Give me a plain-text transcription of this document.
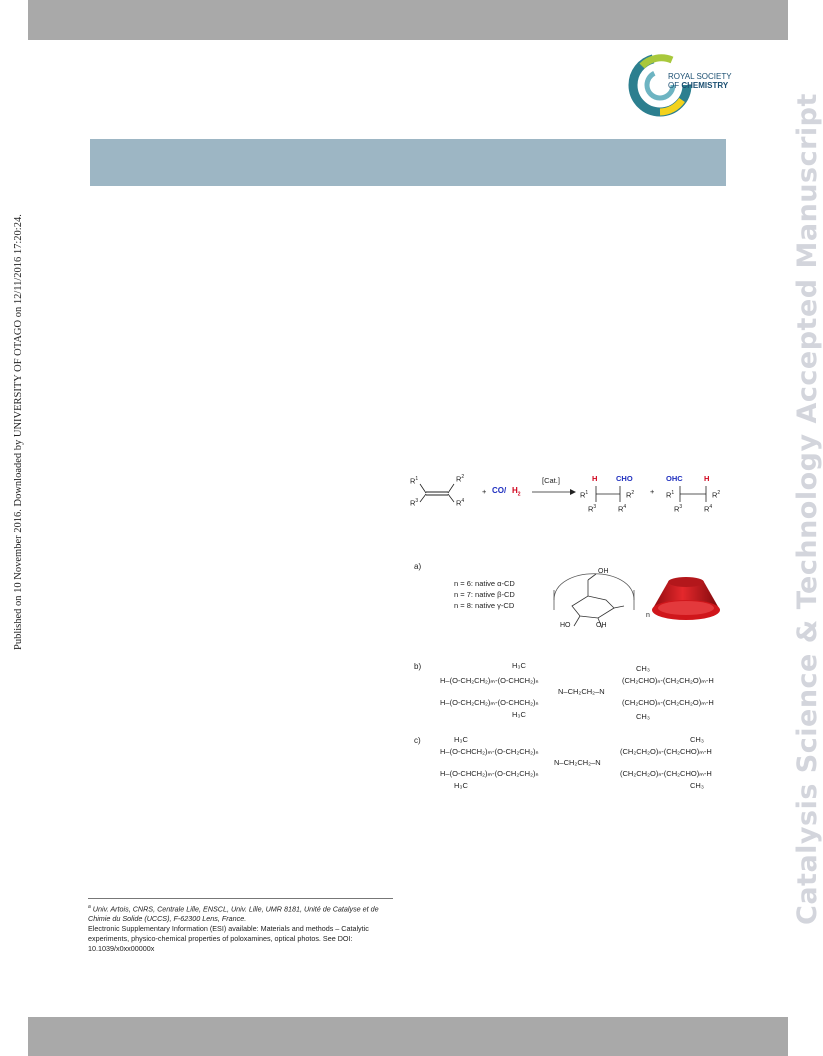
ROYAL SOCIETY
OF CHEMISTRY
Catalysis Science & Technology Accepted Manuscript
Published on 10 November 2016. Downloaded by UNIVERSITY OF OTAGO on 12/11/2016 17:20:24.	$R^1$	$R^2$
$R^3$	$R^4$
+ CO/ $H_2$
[Cat.]	H CHO
$R^1$	$R^2$
$R^3$	$R^4$
+
OHC	H
$R^1$	$R^2$
$R^3$	$R^4$
a)
n = 6: native α-CD
n = 7: native β-CD
n = 8: native γ-CD
OH
HO	OH
n
b)	H₃C	CH₃
H–(O-CH₂CH₂)ₘ-(O-CHCH₂)ₙ	(CH₂CHO)ₙ-(CH₂CH₂O)ₘ-H
N–CH₂CH₂–N
H–(O-CH₂CH₂)ₘ-(O-CHCH₂)ₙ	(CH₂CHO)ₙ-(CH₂CH₂O)ₘ-H
H₃C	CH₃
c)	H₃C	CH₃
H–(O-CHCH₂)ₘ-(O-CH₂CH₂)ₙ	(CH₂CH₂O)ₙ-(CH₂CHO)ₘ-H
N–CH₂CH₂–N
H–(O-CHCH₂)ₘ-(O-CH₂CH₂)ₙ	(CH₂CH₂O)ₙ-(CH₂CHO)ₘ-H
H₃C	CH₃
$^a$ Univ. Artois, CNRS, Centrale Lille, ENSCL, Univ. Lille, UMR 8181, Unité de Catalyse et de Chimie du Solide (UCCS), F-62300 Lens, France.
Electronic Supplementary Information (ESI) available: Materials and methods – Catalytic experiments, physico-chemical properties of poloxamines, optical photos. See DOI: 10.1039/x0xx00000x
